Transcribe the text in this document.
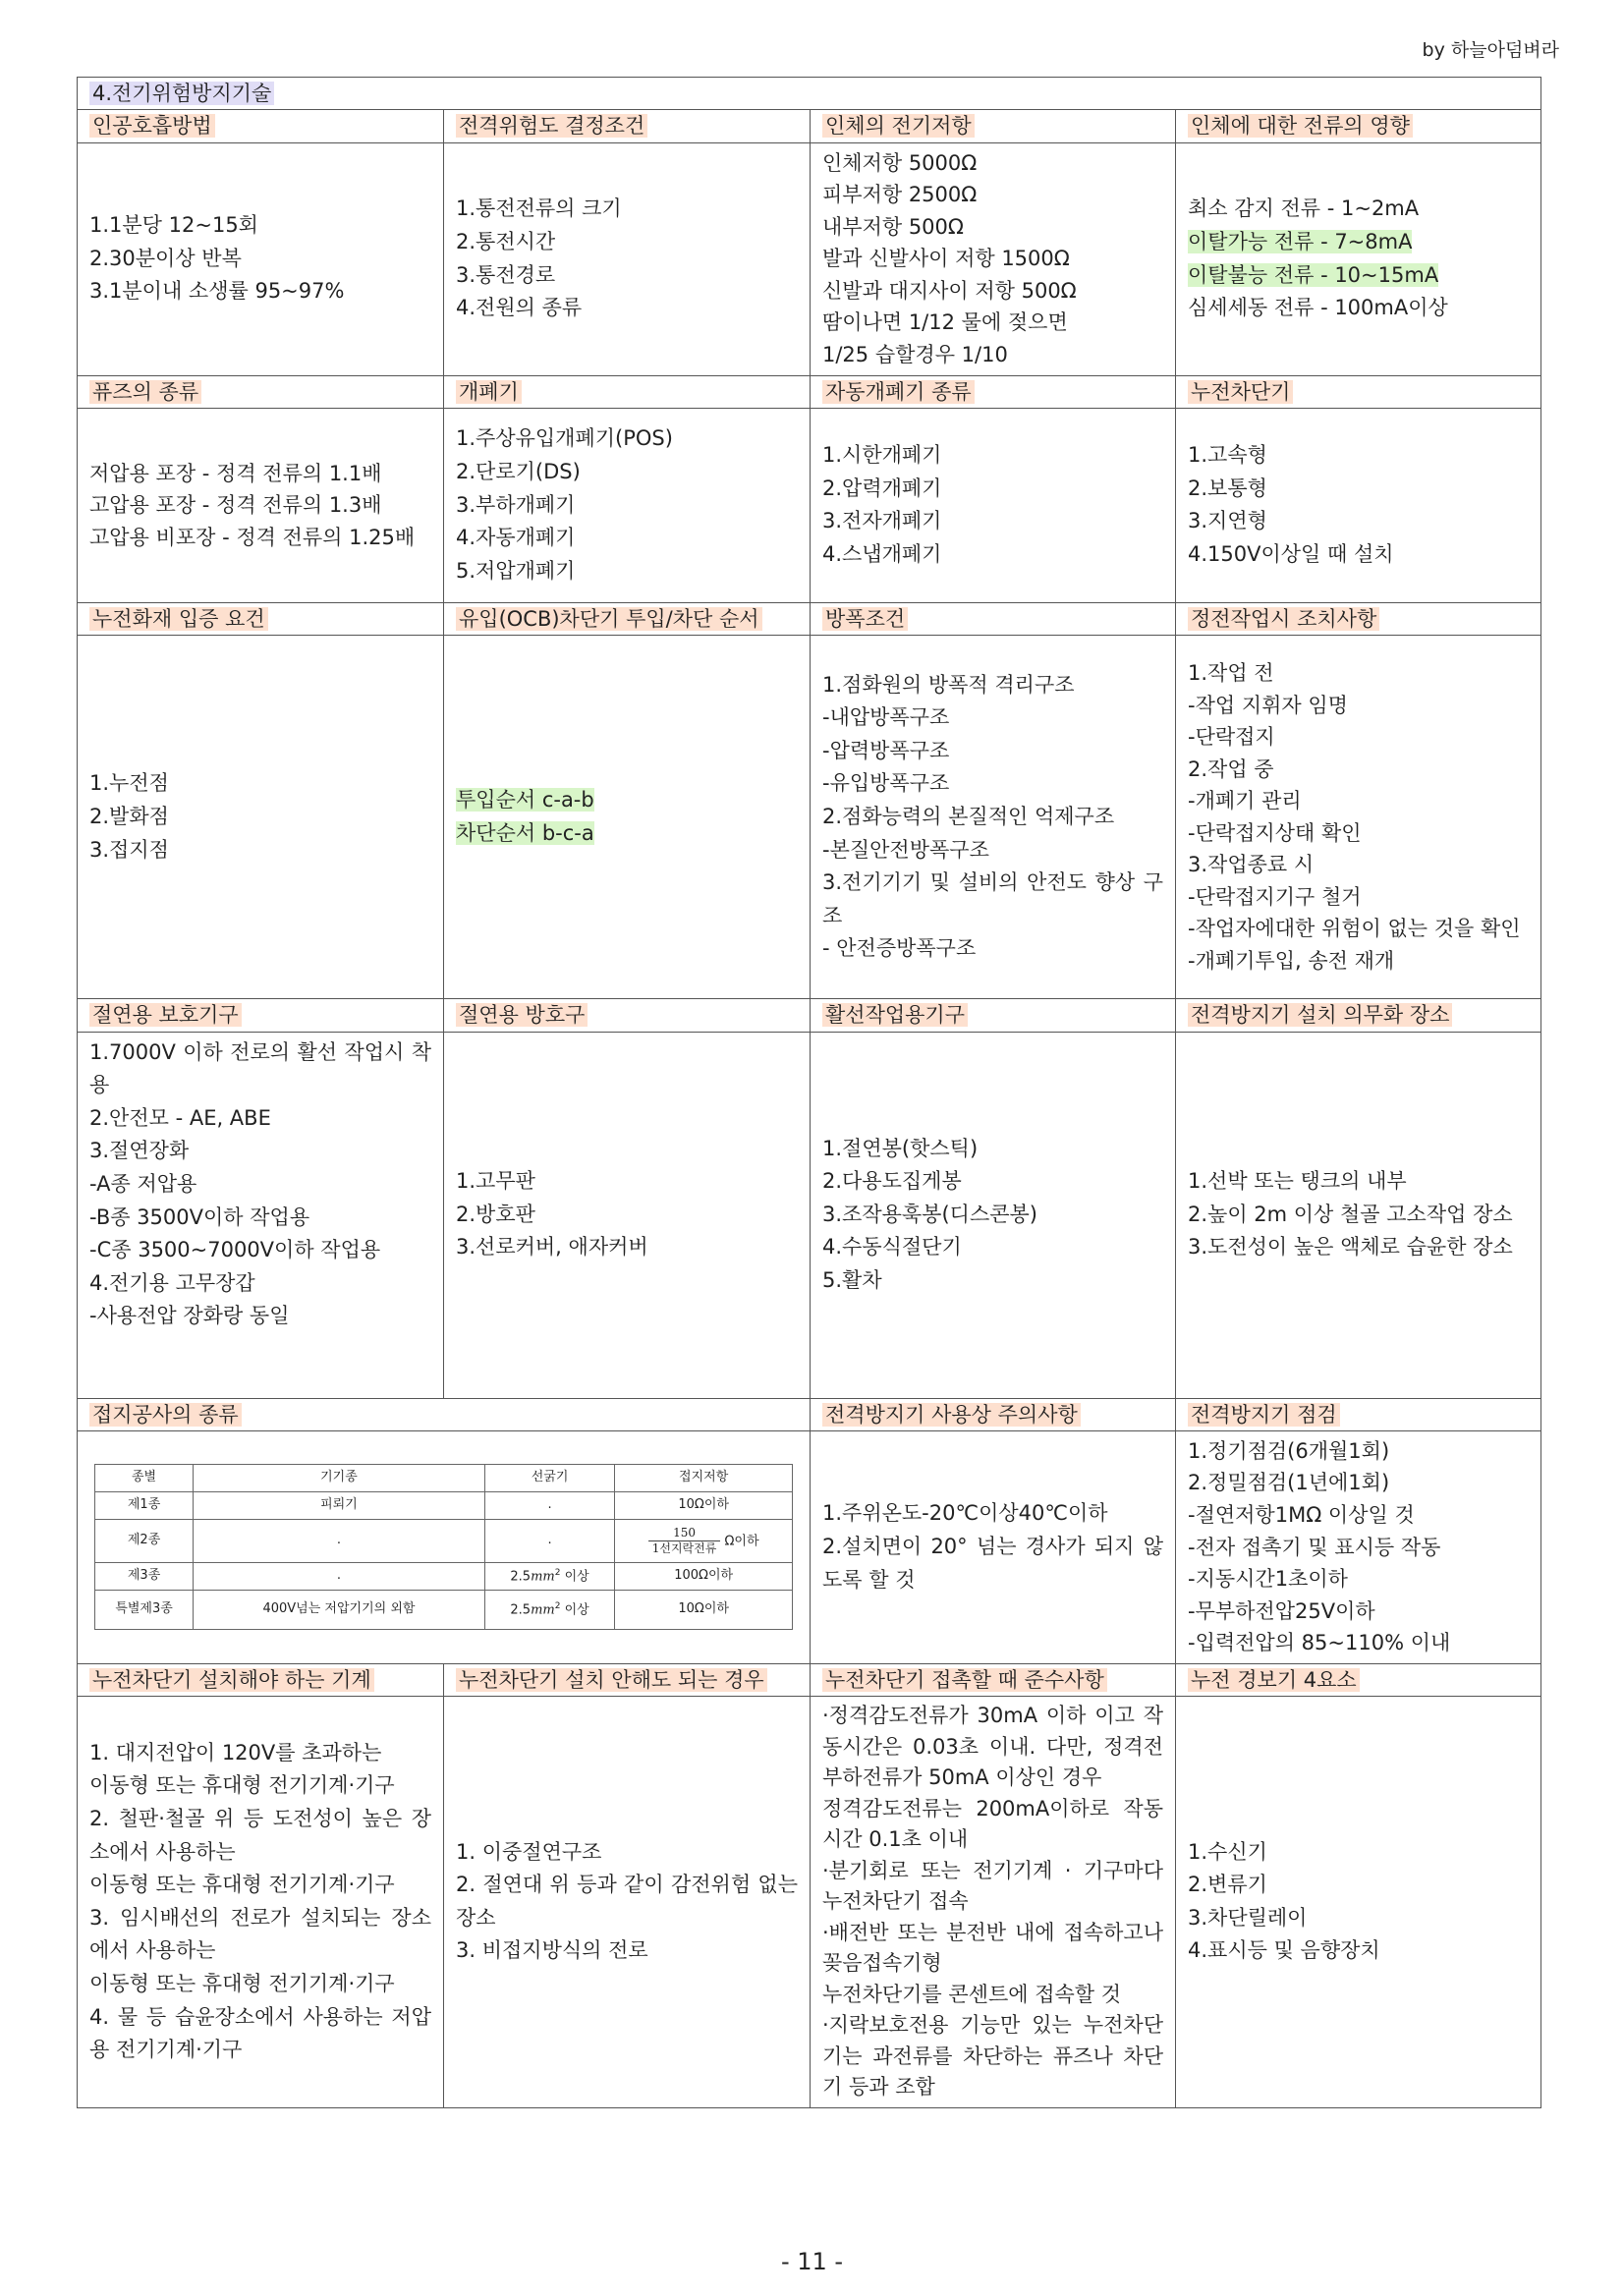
by 하늘아덤벼라
4.전기위험방지기술
인공호흡방법	전격위험도 결정조건	인체의 전기저항	인체에 대한 전류의 영향

1.1분당 12~15회
2.30분이상 반복
3.1분이내 소생률 95~97%

1.통전전류의 크기
2.통전시간
3.통전경로
4.전원의 종류

인체저항 5000Ω
피부저항 2500Ω
내부저항 500Ω
발과 신발사이 저항 1500Ω
신발과 대지사이 저항 500Ω
땀이나면 1/12 물에 젖으면
1/25 습할경우 1/10

최소 감지 전류 - 1~2mA
이탈가능 전류 - 7~8mA
이탈불능 전류 - 10~15mA
심세세동 전류 - 100mA이상

퓨즈의 종류	개폐기	자동개폐기 종류	누전차단기

저압용 포장 - 정격 전류의 1.1배
고압용 포장 - 정격 전류의 1.3배
고압용 비포장 - 정격 전류의 1.25배

1.주상유입개폐기(POS)
2.단로기(DS)
3.부하개폐기
4.자동개폐기
5.저압개폐기

1.시한개폐기
2.압력개폐기
3.전자개폐기
4.스냅개폐기

1.고속형
2.보통형
3.지연형
4.150V이상일 때 설치

누전화재 입증 요건	유입(OCB)차단기 투입/차단 순서	방폭조건	정전작업시 조치사항

1.누전점
2.발화점
3.접지점

투입순서 c-a-b
차단순서 b-c-a

1.점화원의 방폭적 격리구조
-내압방폭구조
-압력방폭구조
-유입방폭구조
2.점화능력의 본질적인 억제구조
-본질안전방폭구조
3.전기기기 및 설비의 안전도 향상 구조
- 안전증방폭구조

1.작업 전
-작업 지휘자 임명
-단락접지
2.작업 중
-개폐기 관리
-단락접지상태 확인
3.작업종료 시
-단락접지기구 철거
-작업자에대한 위험이 없는 것을 확인
-개폐기투입, 송전 재개

절연용 보호기구	절연용 방호구	활선작업용기구	전격방지기 설치 의무화 장소

1.7000V 이하 전로의 활선 작업시 착용
2.안전모 - AE, ABE
3.절연장화
-A종 저압용
-B종 3500V이하 작업용
-C종 3500~7000V이하 작업용
4.전기용 고무장갑
-사용전압 장화랑 동일

1.고무판
2.방호판
3.선로커버, 애자커버

1.절연봉(핫스틱)
2.다용도집게봉
3.조작용훅봉(디스콘봉)
4.수동식절단기
5.활차

1.선박 또는 탱크의 내부
2.높이 2m 이상 철골 고소작업 장소
3.도전성이 높은 액체로 습윤한 장소

접지공사의 종류	전격방지기 사용상 주의사항	전격방지기 점검

종별	기기종	선굵기	접지저항
제1종	피뢰기	.	10Ω이하
제2종	.	.	$\frac{150}{\text{1선지락전류}}$ Ω이하
제3종	.	$2.5mm^2$ 이상	100Ω이하
특별제3종	400V넘는 저압기기의 외함	$2.5mm^2$ 이상	10Ω이하

1.주위온도-20℃이상40℃이하
2.설치면이 20° 넘는 경사가 되지 않도록 할 것

1.정기점검(6개월1회)
2.정밀점검(1년에1회)
-절연저항1MΩ 이상일 것
-전자 접촉기 및 표시등 작동
-지동시간1초이하
-무부하전압25V이하
-입력전압의 85~110% 이내

누전차단기 설치해야 하는 기계	누전차단기 설치 안해도 되는 경우	누전차단기 접촉할 때 준수사항	누전 경보기 4요소

1. 대지전압이 120V를 초과하는
이동형 또는 휴대형 전기기계·기구
2. 철판·철골 위 등 도전성이 높은 장소에서 사용하는
이동형 또는 휴대형 전기기계·기구
3. 임시배선의 전로가 설치되는 장소에서 사용하는
이동형 또는 휴대형 전기기계·기구
4. 물 등 습윤장소에서 사용하는 저압용 전기기계·기구

1. 이중절연구조
2. 절연대 위 등과 같이 감전위험 없는 장소
3. 비접지방식의 전로

·정격감도전류가 30mA 이하 이고 작동시간은 0.03초 이내. 다만, 정격전부하전류가 50mA 이상인 경우
정격감도전류는 200mA이하로 작동시간 0.1초 이내
·분기회로 또는 전기기계 · 기구마다 누전차단기 접속
·배전반 또는 분전반 내에 접속하고나 꽂음접속기형
누전차단기를 콘센트에 접속할 것
·지락보호전용 기능만 있는 누전차단기는 과전류를 차단하는 퓨즈나 차단기 등과 조합

1.수신기
2.변류기
3.차단릴레이
4.표시등 및 음향장치
- 11 -
